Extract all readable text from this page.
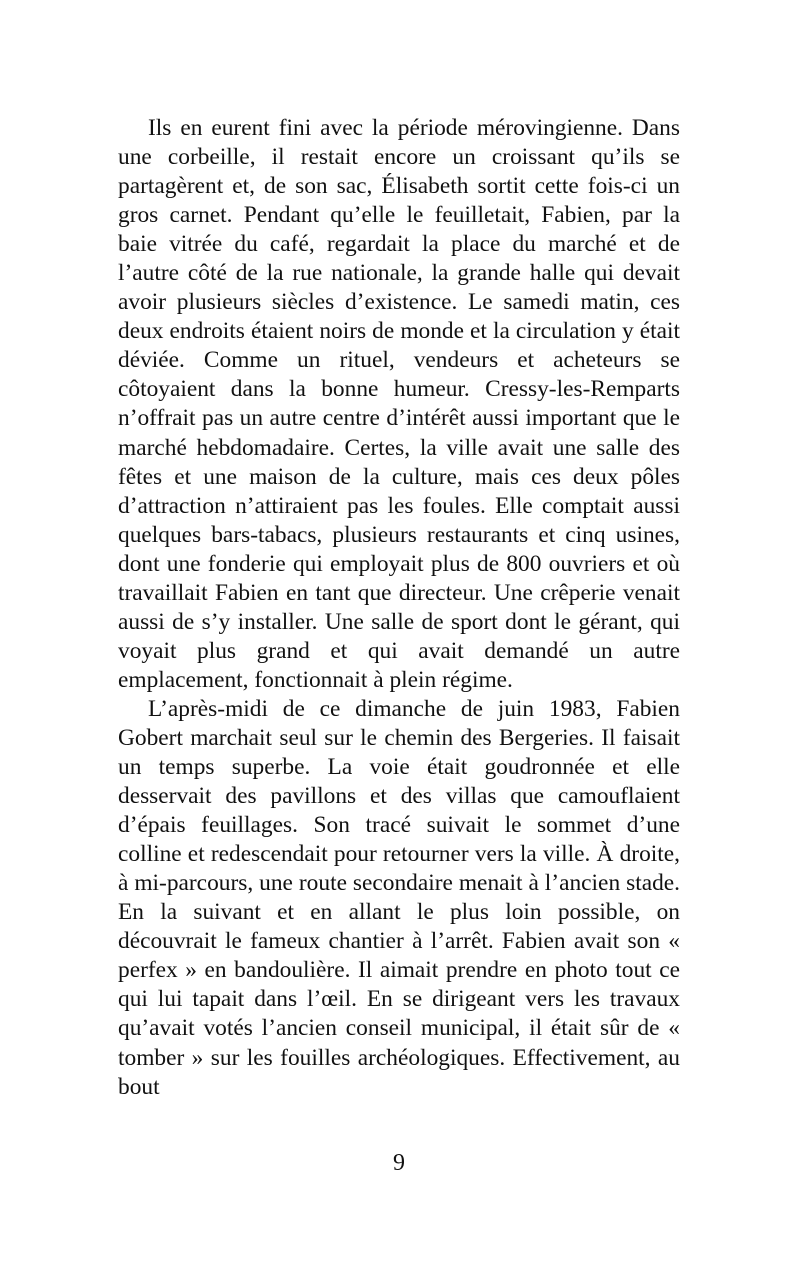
Ils en eurent fini avec la période mérovingienne. Dans une corbeille, il restait encore un croissant qu’ils se partagèrent et, de son sac, Élisabeth sortit cette fois-ci un gros carnet. Pendant qu’elle le feuilletait, Fabien, par la baie vitrée du café, regardait la place du marché et de l’autre côté de la rue nationale, la grande halle qui devait avoir plusieurs siècles d’existence. Le samedi matin, ces deux endroits étaient noirs de monde et la circulation y était déviée. Comme un rituel, vendeurs et acheteurs se côtoyaient dans la bonne humeur. Cressy-les-Remparts n’offrait pas un autre centre d’intérêt aussi important que le marché hebdomadaire. Certes, la ville avait une salle des fêtes et une maison de la culture, mais ces deux pôles d’attraction n’attiraient pas les foules. Elle comptait aussi quelques bars-tabacs, plusieurs restaurants et cinq usines, dont une fonderie qui employait plus de 800 ouvriers et où travaillait Fabien en tant que directeur. Une crêperie venait aussi de s’y installer. Une salle de sport dont le gérant, qui voyait plus grand et qui avait demandé un autre emplacement, fonctionnait à plein régime.

L’après-midi de ce dimanche de juin 1983, Fabien Gobert marchait seul sur le chemin des Bergeries. Il faisait un temps superbe. La voie était goudronnée et elle desservait des pavillons et des villas que camouflaient d’épais feuillages. Son tracé suivait le sommet d’une colline et redescendait pour retourner vers la ville. À droite, à mi-parcours, une route secondaire menait à l’ancien stade. En la suivant et en allant le plus loin possible, on découvrait le fameux chantier à l’arrêt. Fabien avait son « perfex » en bandoulière. Il aimait prendre en photo tout ce qui lui tapait dans l’œil. En se dirigeant vers les travaux qu’avait votés l’ancien conseil municipal, il était sûr de « tomber » sur les fouilles archéologiques. Effectivement, au bout

9
